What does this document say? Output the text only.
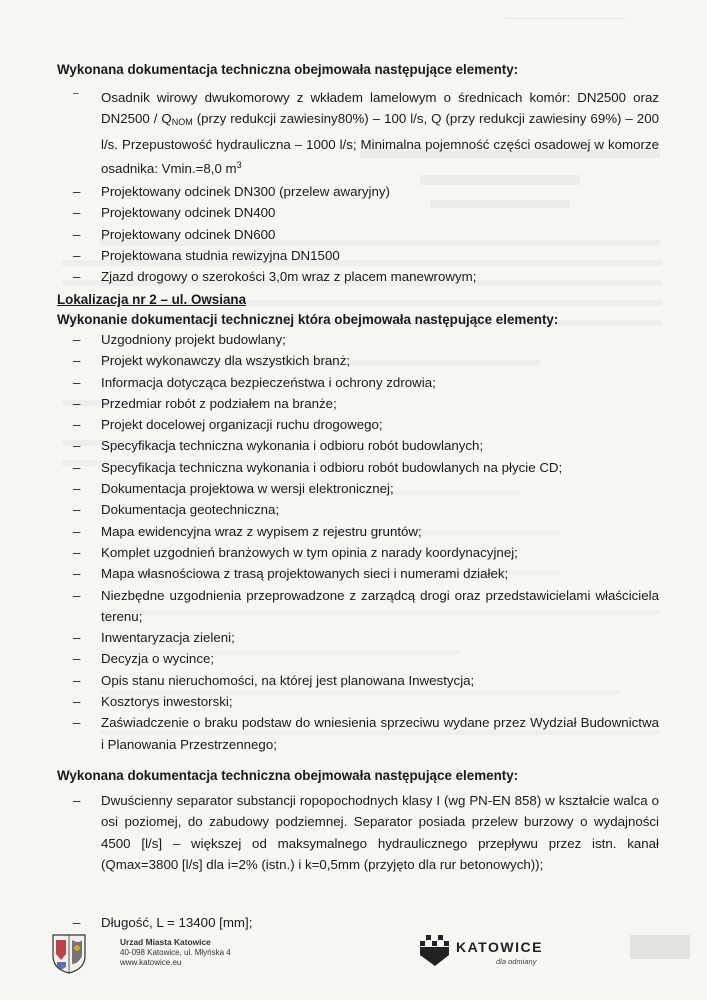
Wykonana dokumentacja techniczna obejmowała następujące elementy:

–	Osadnik wirowy dwukomorowy z wkładem lamelowym o średnicach komór: DN2500 oraz $DN2500 / Q_{NOM}$ (przy redukcji zawiesiny80%) – 100 l/s, Q (przy redukcji zawiesiny 69%) – 200 l/s. Przepustowość hydrauliczna – 1000 l/s; Minimalna pojemność części osadowej w komorze osadnika: Vmin.=8,0 $m^3$
–	Projektowany odcinek DN300 (przelew awaryjny)
–	Projektowany odcinek DN400
–	Projektowany odcinek DN600
–	Projektowana studnia rewizyjna DN1500
–	Zjazd drogowy o szerokości 3,0m wraz z placem manewrowym;

Lokalizacja nr 2 – ul. Owsiana

Wykonanie dokumentacji technicznej która obejmowała następujące elementy:

–	Uzgodniony projekt budowlany;
–	Projekt wykonawczy dla wszystkich branż;
–	Informacja dotycząca bezpieczeństwa i ochrony zdrowia;
–	Przedmiar robót z podziałem na branże;
–	Projekt docelowej organizacji ruchu drogowego;
–	Specyfikacja techniczna wykonania i odbioru robót budowlanych;
–	Specyfikacja techniczna wykonania i odbioru robót budowlanych na płycie CD;
–	Dokumentacja projektowa w wersji elektronicznej;
–	Dokumentacja geotechniczna;
–	Mapa ewidencyjna wraz z wypisem z rejestru gruntów;
–	Komplet uzgodnień branżowych w tym opinia z narady koordynacyjnej;
–	Mapa własnościowa z trasą projektowanych sieci i numerami działek;
–	Niezbędne uzgodnienia przeprowadzone z zarządcą drogi oraz przedstawicielami właściciela terenu;
–	Inwentaryzacja zieleni;
–	Decyzja o wycince;
–	Opis stanu nieruchomości, na której jest planowana Inwestycja;
–	Kosztorys inwestorski;
–	Zaświadczenie o braku podstaw do wniesienia sprzeciwu wydane przez Wydział Budownictwa i Planowania Przestrzennego;

Wykonana dokumentacja techniczna obejmowała następujące elementy:

–	Dwuścienny separator substancji ropopochodnych klasy I (wg PN-EN 858) w kształcie walca o osi poziomej, do zabudowy podziemnej. Separator posiada przelew burzowy o wydajności 4500 [l/s] – większej od maksymalnego hydraulicznego przepływu przez istn. kanał (Qmax=3800 [l/s] dla i=2% (istn.) i k=0,5mm (przyjęto dla rur betonowych));
–	Długość, L = 13400 [mm];
Urzad Miasta Katowice
40-098 Katowice, ul. Młyńska 4
www.katowice.eu
KATOWICE
dla odmiany
